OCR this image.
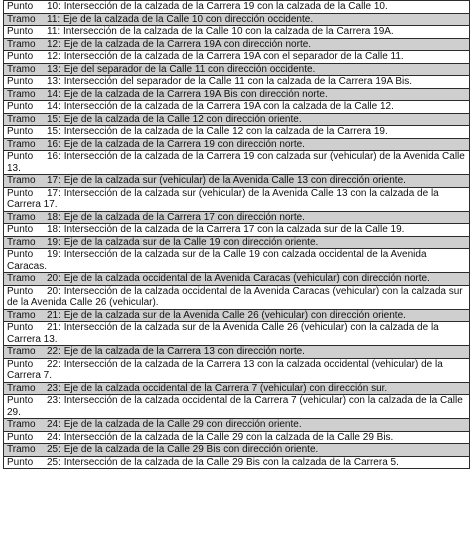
Punto 10: Intersección de la calzada de la Carrera 19 con la calzada de la Calle 10.
Tramo 11: Eje de la calzada de la Calle 10 con dirección occidente.
Punto 11: Intersección de la calzada de la Calle 10 con la calzada de la Carrera 19A.
Tramo 12: Eje de la calzada de la Carrera 19A con dirección norte.
Punto 12: Intersección de la calzada de la Carrera 19A con el separador de la Calle 11.
Tramo 13: Eje del separador de la Calle 11 con dirección occidente.
Punto 13: Intersección del separador de la Calle 11 con la calzada de la Carrera 19A Bis.
Tramo 14: Eje de la calzada de la Carrera 19A Bis con dirección norte.
Punto 14: Intersección de la calzada de la Carrera 19A con la calzada de la Calle 12.
Tramo 15: Eje de la calzada de la Calle 12 con dirección oriente.
Punto 15: Intersección de la calzada de la Calle 12 con la calzada de la Carrera 19.
Tramo 16: Eje de la calzada de la Carrera 19 con dirección norte.
Punto 16: Intersección de la calzada de la Carrera 19 con calzada sur (vehicular) de la Avenida Calle 13.
Tramo 17: Eje de la calzada sur (vehicular) de la Avenida Calle 13 con dirección oriente.
Punto 17: Intersección de la calzada sur (vehicular) de la Avenida Calle 13 con la calzada de la Carrera 17.
Tramo 18: Eje de la calzada de la Carrera 17 con dirección norte.
Punto 18: Intersección de la calzada de la Carrera 17 con la calzada sur de la Calle 19.
Tramo 19: Eje de la calzada sur de la Calle 19 con dirección oriente.
Punto 19: Intersección de la calzada sur de la Calle 19 con calzada occidental de la Avenida Caracas.
Tramo 20: Eje de la calzada occidental de la Avenida Caracas (vehicular) con dirección norte.
Punto 20: Intersección de la calzada occidental de la Avenida Caracas (vehicular) con la calzada sur de la Avenida Calle 26 (vehicular).
Tramo 21: Eje de la calzada sur de la Avenida Calle 26 (vehicular) con dirección oriente.
Punto 21: Intersección de la calzada sur de la Avenida Calle 26 (vehicular) con la calzada de la Carrera 13.
Tramo 22: Eje de la calzada de la Carrera 13 con dirección norte.
Punto 22: Intersección de la calzada de la Carrera 13 con la calzada occidental (vehicular) de la Carrera 7.
Tramo 23: Eje de la calzada occidental de la Carrera 7 (vehicular) con dirección sur.
Punto 23: Intersección de la calzada occidental de la Carrera 7 (vehicular) con la calzada de la Calle 29.
Tramo 24: Eje de la calzada de la Calle 29 con dirección oriente.
Punto 24: Intersección de la calzada de la Calle 29 con la calzada de la Calle 29 Bis.
Tramo 25: Eje de la calzada de la Calle 29 Bis con dirección oriente.
Punto 25: Intersección de la calzada de la Calle 29 Bis con la calzada de la Carrera 5.
